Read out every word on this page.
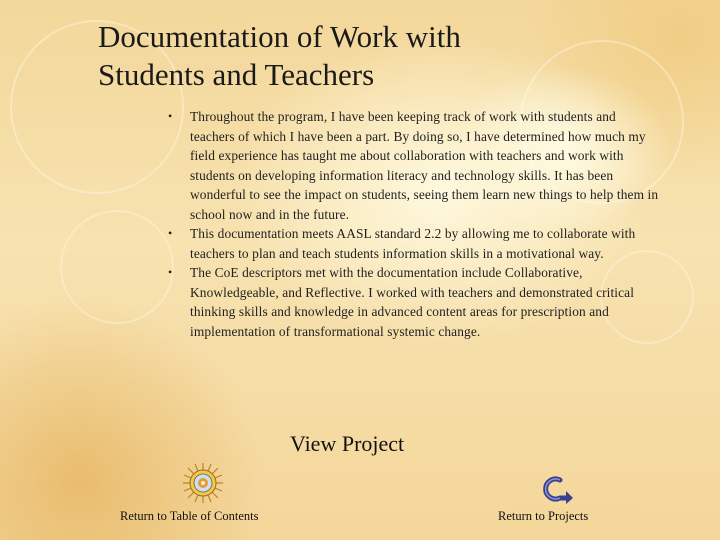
Documentation of Work with
Students and Teachers
• Throughout the program, I have been keeping track of work with students and teachers of which I have been a part. By doing so, I have determined how much my field experience has taught me about collaboration with teachers and work with students on developing information literacy and technology skills. It has been wonderful to see the impact on students, seeing them learn new things to help them in school now and in the future.
• This documentation meets AASL standard 2.2 by allowing me to collaborate with teachers to plan and teach students information skills in a motivational way.
• The CoE descriptors met with the documentation include Collaborative, Knowledgeable, and Reflective. I worked with teachers and demonstrated critical thinking skills and knowledge in advanced content areas for prescription and implementation of transformational systemic change.
View Project
Return to Table of Contents	Return to Projects
